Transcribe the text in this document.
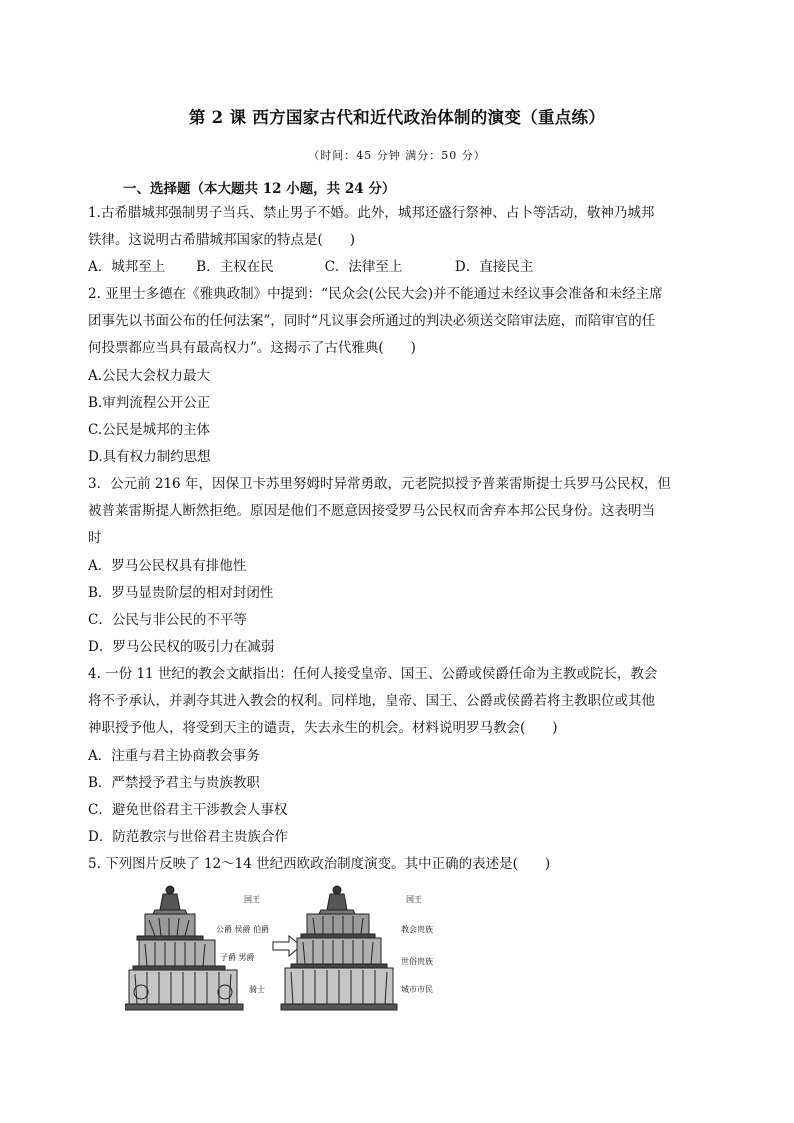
第 2 课 西方国家古代和近代政治体制的演变（重点练）
（时间：45 分钟 满分：50 分）
一、选择题（本大题共 12 小题，共 24 分）
1.古希腊城邦强制男子当兵、禁止男子不婚。此外，城邦还盛行祭神、占卜等活动，敬神乃城邦
铁律。这说明古希腊城邦国家的特点是(　　)
A．城邦至上 B．主权在民	C．法律至上	D．直接民主
2. 亚里士多德在《雅典政制》中提到：“民众会(公民大会)并不能通过未经议事会准备和未经主席
团事先以书面公布的任何法案”，同时“凡议事会所通过的判决必须送交陪审法庭，而陪审官的任
何投票都应当具有最高权力”。这揭示了古代雅典(　　)
A.公民大会权力最大
B.审判流程公开公正
C.公民是城邦的主体
D.具有权力制约思想
3．公元前 216 年，因保卫卡苏里努姆时异常勇敢，元老院拟授予普莱雷斯提士兵罗马公民权，但
被普莱雷斯提人断然拒绝。原因是他们不愿意因接受罗马公民权而舍弃本邦公民身份。这表明当
时
A．罗马公民权具有排他性
B．罗马显贵阶层的相对封闭性
C．公民与非公民的不平等
D．罗马公民权的吸引力在减弱
4. 一份 11 世纪的教会文献指出：任何人接受皇帝、国王、公爵或侯爵任命为主教或院长，教会
将不予承认，并剥夺其进入教会的权利。同样地，皇帝、国王、公爵或侯爵若将主教职位或其他
神职授予他人，将受到天主的谴责，失去永生的机会。材料说明罗马教会(　　)
A．注重与君主协商教会事务
B．严禁授予君主与贵族教职
C．避免世俗君主干涉教会人事权
D．防范教宗与世俗君主贵族合作
5. 下列图片反映了 12～14 世纪西欧政治制度演变。其中正确的表述是(　　)
国王
公爵 侯爵 伯爵
子爵 男爵
骑士
国王
教会贵族
世俗贵族
城市市民
